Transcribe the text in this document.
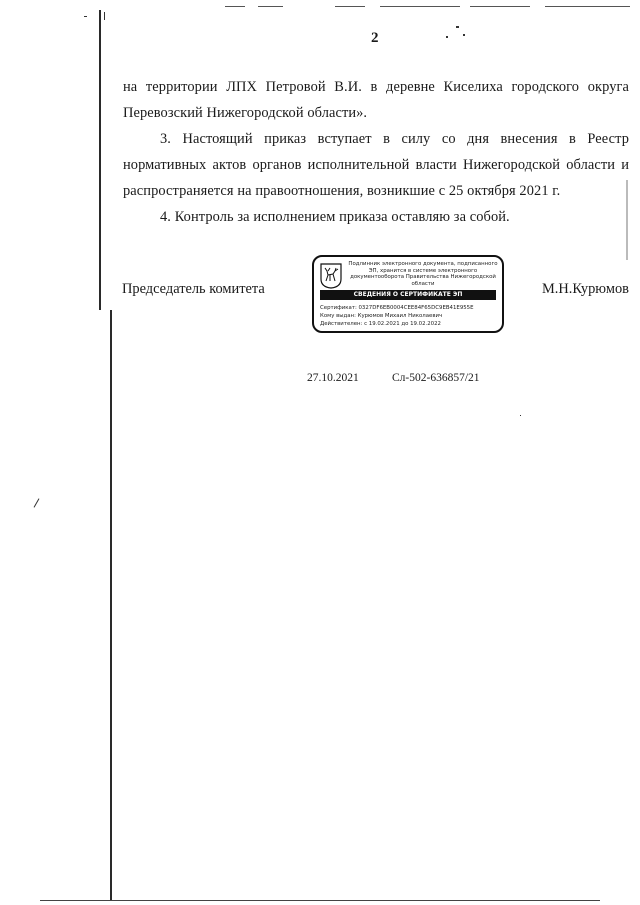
2
на территории ЛПХ Петровой В.И. в деревне Киселиха городского округа
Перевозский Нижегородской области».
3. Настоящий приказ вступает в силу со дня внесения в Реестр
нормативных актов органов исполнительной власти Нижегородской области и
распространяется на правоотношения, возникшие с 25 октября 2021 г.
4. Контроль за исполнением приказа оставляю за собой.
Председатель комитета	М.Н.Курюмов
Подлинник электронного документа, подписанного ЭП, хранится в системе электронного документооборота Правительства Нижегородской области
СВЕДЕНИЯ О СЕРТИФИКАТЕ ЭП
Сертификат: 0327DF6EB0004CEE84F65DC9EB41E955E
Кому выдан: Курюмов Михаил Николаевич
Действителен: с 19.02.2021 до 19.02.2022
27.10.2021	Сл-502-636857/21
